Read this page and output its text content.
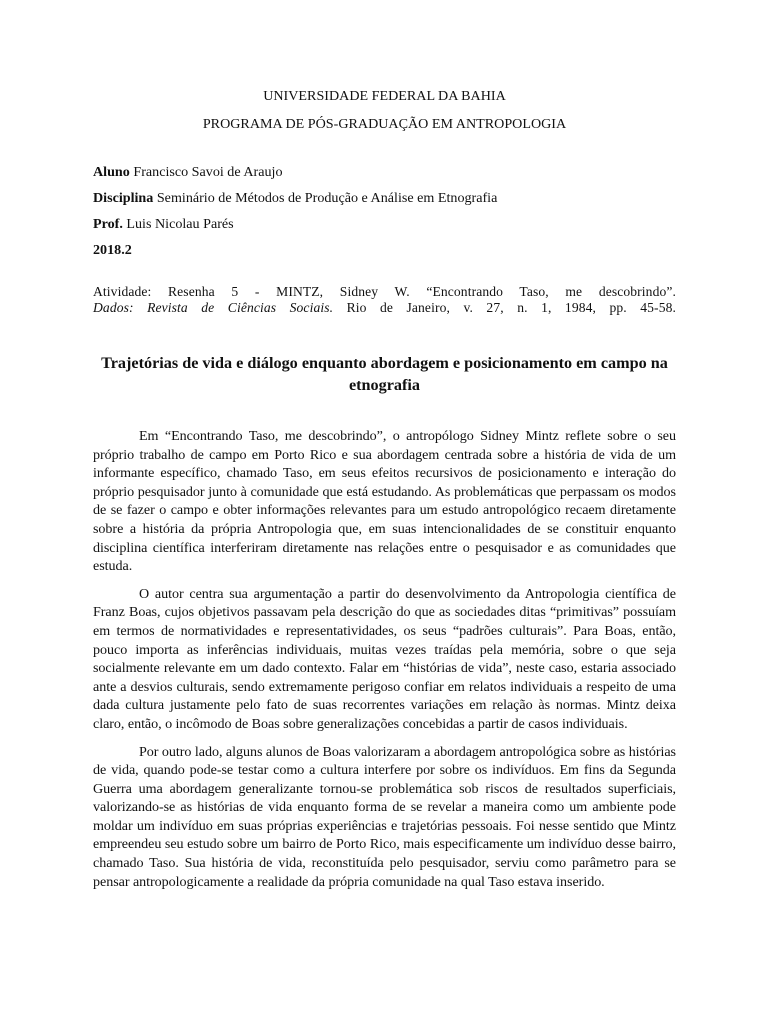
UNIVERSIDADE FEDERAL DA BAHIA
PROGRAMA DE PÓS-GRADUAÇÃO EM ANTROPOLOGIA
Aluno Francisco Savoi de Araujo
Disciplina Seminário de Métodos de Produção e Análise em Etnografia
Prof. Luis Nicolau Parés
2018.2
Atividade: Resenha 5 - MINTZ, Sidney W. “Encontrando Taso, me descobrindo”.
Dados: Revista de Ciências Sociais. Rio de Janeiro, v. 27, n. 1, 1984, pp. 45-58.
Trajetórias de vida e diálogo enquanto abordagem e posicionamento em campo na etnografia

Em “Encontrando Taso, me descobrindo”, o antropólogo Sidney Mintz reflete sobre o seu próprio trabalho de campo em Porto Rico e sua abordagem centrada sobre a história de vida de um informante específico, chamado Taso, em seus efeitos recursivos de posicionamento e interação do próprio pesquisador junto à comunidade que está estudando. As problemáticas que perpassam os modos de se fazer o campo e obter informações relevantes para um estudo antropológico recaem diretamente sobre a história da própria Antropologia que, em suas intencionalidades de se constituir enquanto disciplina científica interferiram diretamente nas relações entre o pesquisador e as comunidades que estuda.

O autor centra sua argumentação a partir do desenvolvimento da Antropologia científica de Franz Boas, cujos objetivos passavam pela descrição do que as sociedades ditas “primitivas” possuíam em termos de normatividades e representatividades, os seus “padrões culturais”. Para Boas, então, pouco importa as inferências individuais, muitas vezes traídas pela memória, sobre o que seja socialmente relevante em um dado contexto. Falar em “histórias de vida”, neste caso, estaria associado ante a desvios culturais, sendo extremamente perigoso confiar em relatos individuais a respeito de uma dada cultura justamente pelo fato de suas recorrentes variações em relação às normas. Mintz deixa claro, então, o incômodo de Boas sobre generalizações concebidas a partir de casos individuais.

Por outro lado, alguns alunos de Boas valorizaram a abordagem antropológica sobre as histórias de vida, quando pode-se testar como a cultura interfere por sobre os indivíduos. Em fins da Segunda Guerra uma abordagem generalizante tornou-se problemática sob riscos de resultados superficiais, valorizando-se as histórias de vida enquanto forma de se revelar a maneira como um ambiente pode moldar um indivíduo em suas próprias experiências e trajetórias pessoais. Foi nesse sentido que Mintz empreendeu seu estudo sobre um bairro de Porto Rico, mais especificamente um indivíduo desse bairro, chamado Taso. Sua história de vida, reconstituída pelo pesquisador, serviu como parâmetro para se pensar antropologicamente a realidade da própria comunidade na qual Taso estava inserido.
